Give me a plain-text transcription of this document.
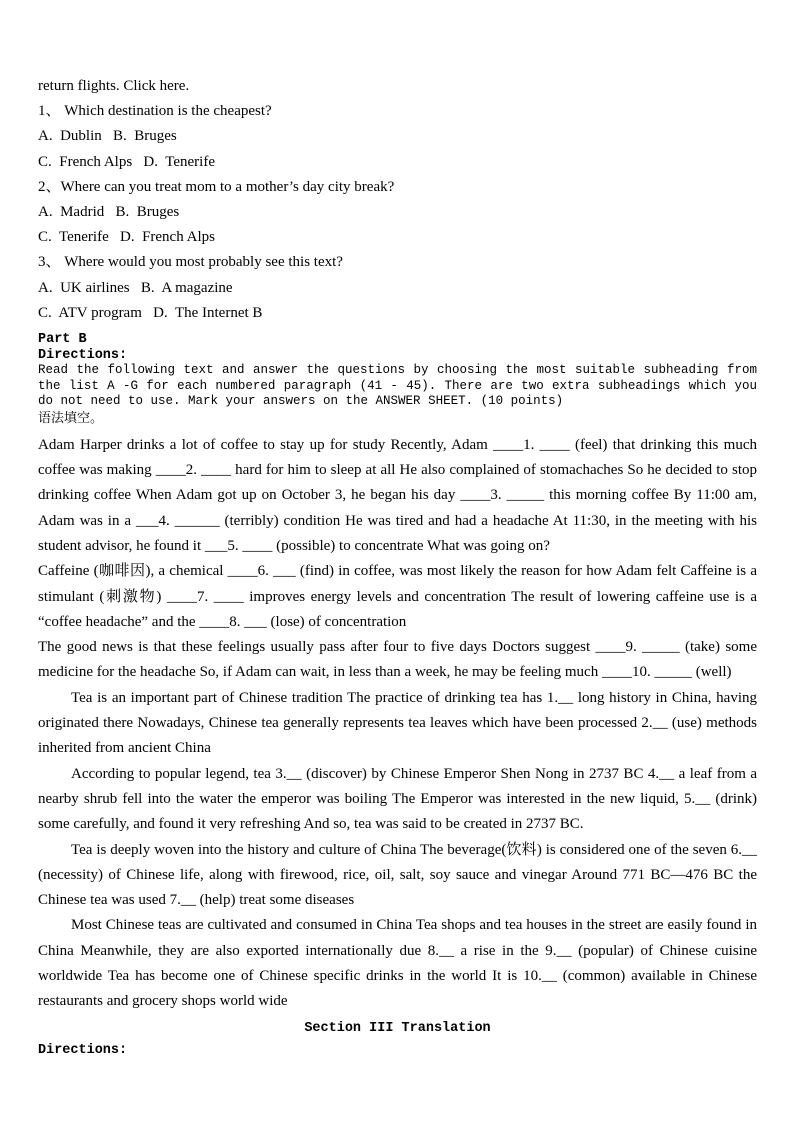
return flights. Click here.
1、 Which destination is the cheapest?
A.  Dublin   B.  Bruges
C.  French Alps   D.  Tenerife
2、Where can you treat mom to a mother’s day city break?
A.  Madrid   B.  Bruges
C.  Tenerife   D.  French Alps
3、 Where would you most probably see this text?
A.  UK airlines   B.  A magazine
C.  ATV program   D.  The Internet B
Part B
Directions:
Read the following text and answer the questions by choosing the most suitable subheading from the list A -G for each numbered paragraph (41 - 45). There are two extra subheadings which you do not need to use. Mark your answers on the ANSWER SHEET. (10 points)
语法填空。
Adam Harper drinks a lot of coffee to stay up for study Recently, Adam ____1. ____ (feel) that drinking this much coffee was making ____2. ____ hard for him to sleep at all He also complained of stomachaches So he decided to stop drinking coffee When Adam got up on October 3, he began his day ____3. _____ this morning coffee By 11:00 am, Adam was in a ___4. ______ (terribly) condition He was tired and had a headache At 11:30, in the meeting with his student advisor, he found it ___5. ____ (possible) to concentrate What was going on?
Caffeine (咖啡因), a chemical ____6. ___ (find) in coffee, was most likely the reason for how Adam felt Caffeine is a stimulant (刺激物) ____7. ____ improves energy levels and concentration The result of lowering caffeine use is a “coffee headache” and the ____8. ___ (lose) of concentration
The good news is that these feelings usually pass after four to five days Doctors suggest ____9. _____ (take) some medicine for the headache So, if Adam can wait, in less than a week, he may be feeling much ____10. _____ (well)
Tea is an important part of Chinese tradition The practice of drinking tea has 1.__ long history in China, having originated there Nowadays, Chinese tea generally represents tea leaves which have been processed 2.__ (use) methods inherited from ancient China
According to popular legend, tea 3.__ (discover) by Chinese Emperor Shen Nong in 2737 BC 4.__ a leaf from a nearby shrub fell into the water the emperor was boiling The Emperor was interested in the new liquid, 5.__ (drink) some carefully, and found it very refreshing And so, tea was said to be created in 2737 BC.
Tea is deeply woven into the history and culture of China The beverage(饮料) is considered one of the seven 6.__ (necessity) of Chinese life, along with firewood, rice, oil, salt, soy sauce and vinegar Around 771 BC—476 BC the Chinese tea was used 7.__ (help) treat some diseases
Most Chinese teas are cultivated and consumed in China Tea shops and tea houses in the street are easily found in China Meanwhile, they are also exported internationally due 8.__ a rise in the 9.__ (popular) of Chinese cuisine worldwide Tea has become one of Chinese specific drinks in the world It is 10.__ (common) available in Chinese restaurants and grocery shops world wide
Section III Translation
Directions:
